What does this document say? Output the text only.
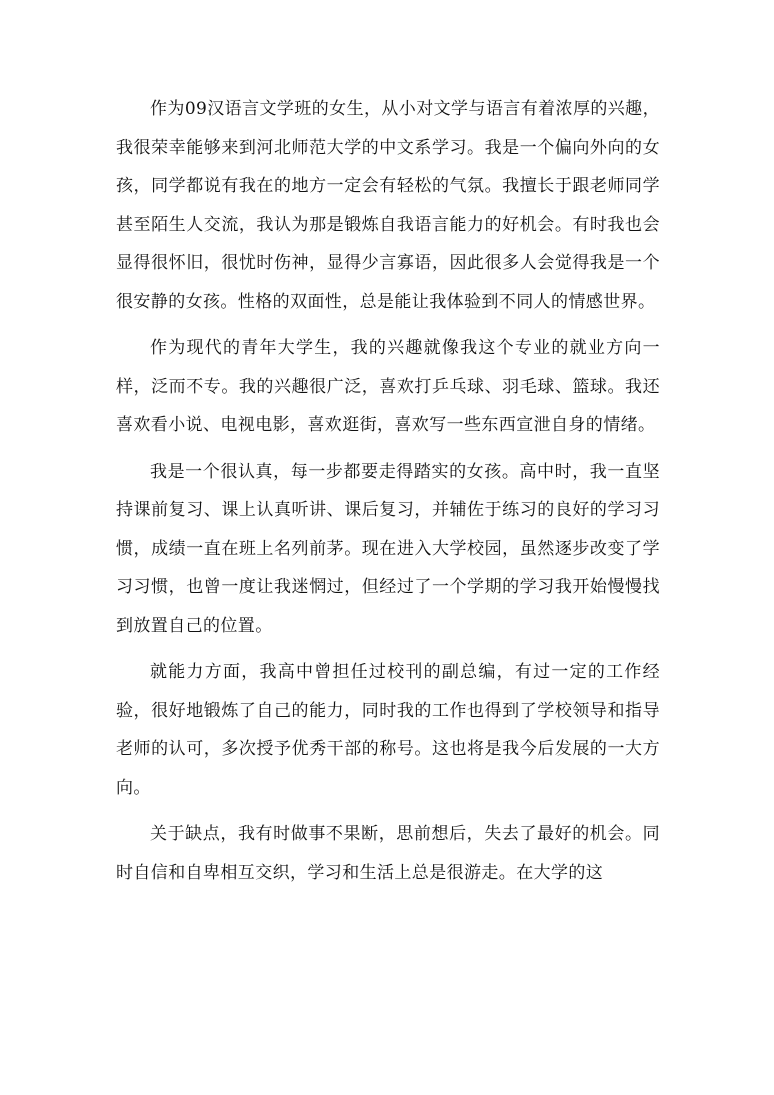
作为09汉语言文学班的女生，从小对文学与语言有着浓厚的兴趣，我很荣幸能够来到河北师范大学的中文系学习。我是一个偏向外向的女孩，同学都说有我在的地方一定会有轻松的气氛。我擅长于跟老师同学甚至陌生人交流，我认为那是锻炼自我语言能力的好机会。有时我也会显得很怀旧，很忧时伤神，显得少言寡语，因此很多人会觉得我是一个很安静的女孩。性格的双面性，总是能让我体验到不同人的情感世界。

作为现代的青年大学生，我的兴趣就像我这个专业的就业方向一样，泛而不专。我的兴趣很广泛，喜欢打乒乓球、羽毛球、篮球。我还喜欢看小说、电视电影，喜欢逛街，喜欢写一些东西宣泄自身的情绪。

我是一个很认真，每一步都要走得踏实的女孩。高中时，我一直坚持课前复习、课上认真听讲、课后复习，并辅佐于练习的良好的学习习惯，成绩一直在班上名列前茅。现在进入大学校园，虽然逐步改变了学习习惯，也曾一度让我迷惘过，但经过了一个学期的学习我开始慢慢找到放置自己的位置。

就能力方面，我高中曾担任过校刊的副总编，有过一定的工作经验，很好地锻炼了自己的能力，同时我的工作也得到了学校领导和指导老师的认可，多次授予优秀干部的称号。这也将是我今后发展的一大方向。

关于缺点，我有时做事不果断，思前想后，失去了最好的机会。同时自信和自卑相互交织，学习和生活上总是很游走。在大学的这
